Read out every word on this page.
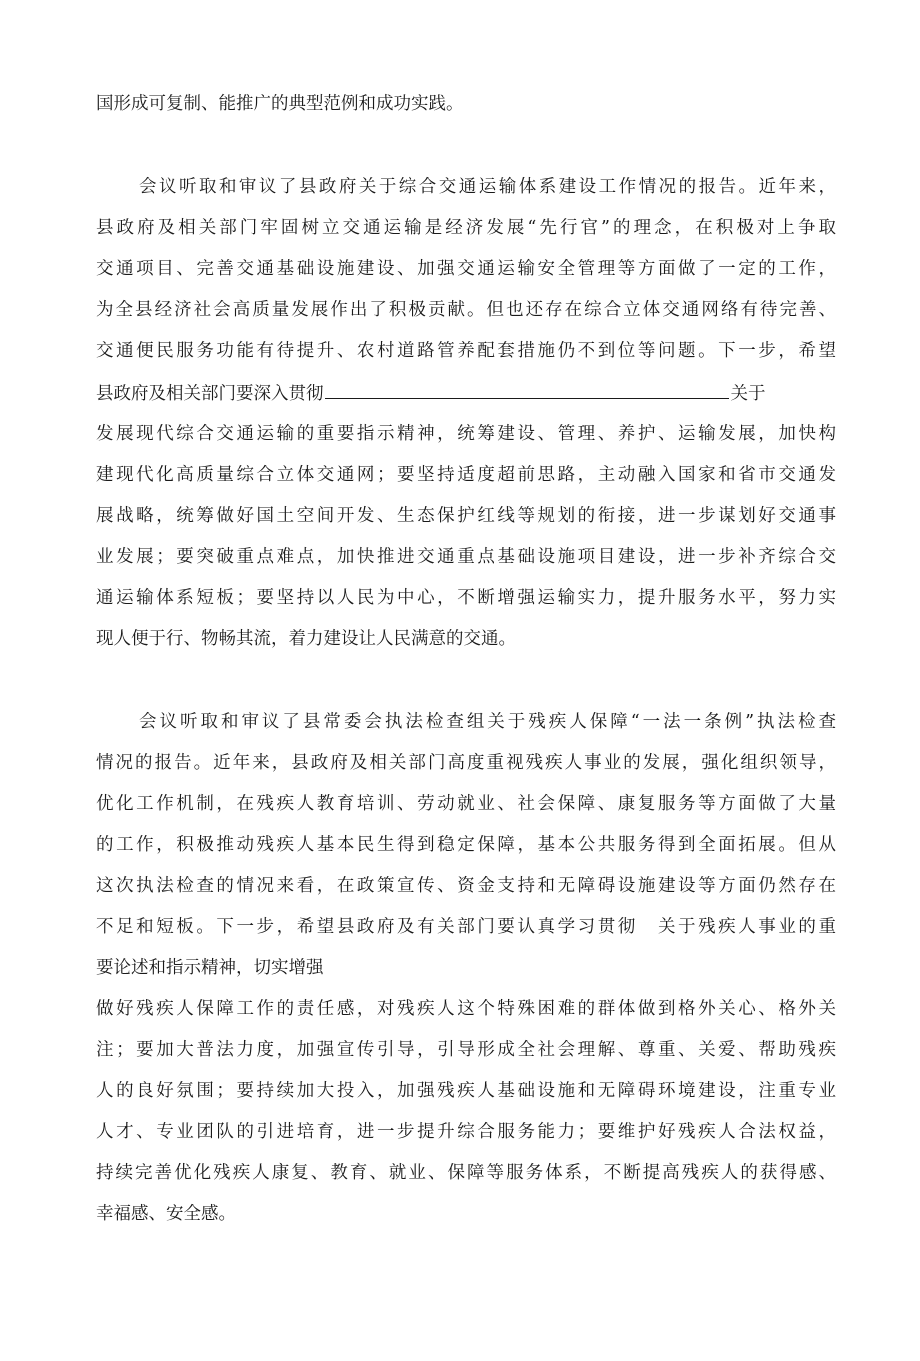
国形成可复制、能推广的典型范例和成功实践。
会议听取和审议了县政府关于综合交通运输体系建设工作情况的报告。近年来，
县政府及相关部门牢固树立交通运输是经济发展“先行官”的理念，在积极对上争取
交通项目、完善交通基础设施建设、加强交通运输安全管理等方面做了一定的工作，
为全县经济社会高质量发展作出了积极贡献。但也还存在综合立体交通网络有待完善、
交通便民服务功能有待提升、农村道路管养配套措施仍不到位等问题。下一步，希望
县政府及相关部门要深入贯彻	关于
发展现代综合交通运输的重要指示精神，统筹建设、管理、养护、运输发展，加快构
建现代化高质量综合立体交通网；要坚持适度超前思路，主动融入国家和省市交通发
展战略，统筹做好国土空间开发、生态保护红线等规划的衔接，进一步谋划好交通事
业发展；要突破重点难点，加快推进交通重点基础设施项目建设，进一步补齐综合交
通运输体系短板；要坚持以人民为中心，不断增强运输实力，提升服务水平，努力实
现人便于行、物畅其流，着力建设让人民满意的交通。
会议听取和审议了县常委会执法检查组关于残疾人保障“一法一条例”执法检查
情况的报告。近年来，县政府及相关部门高度重视残疾人事业的发展，强化组织领导，
优化工作机制，在残疾人教育培训、劳动就业、社会保障、康复服务等方面做了大量
的工作，积极推动残疾人基本民生得到稳定保障，基本公共服务得到全面拓展。但从
这次执法检查的情况来看，在政策宣传、资金支持和无障碍设施建设等方面仍然存在
不足和短板。下一步，希望县政府及有关部门要认真学习贯彻　关于残疾人事业的重
要论述和指示精神，切实增强
做好残疾人保障工作的责任感，对残疾人这个特殊困难的群体做到格外关心、格外关
注；要加大普法力度，加强宣传引导，引导形成全社会理解、尊重、关爱、帮助残疾
人的良好氛围；要持续加大投入，加强残疾人基础设施和无障碍环境建设，注重专业
人才、专业团队的引进培育，进一步提升综合服务能力；要维护好残疾人合法权益，
持续完善优化残疾人康复、教育、就业、保障等服务体系，不断提高残疾人的获得感、
幸福感、安全感。
